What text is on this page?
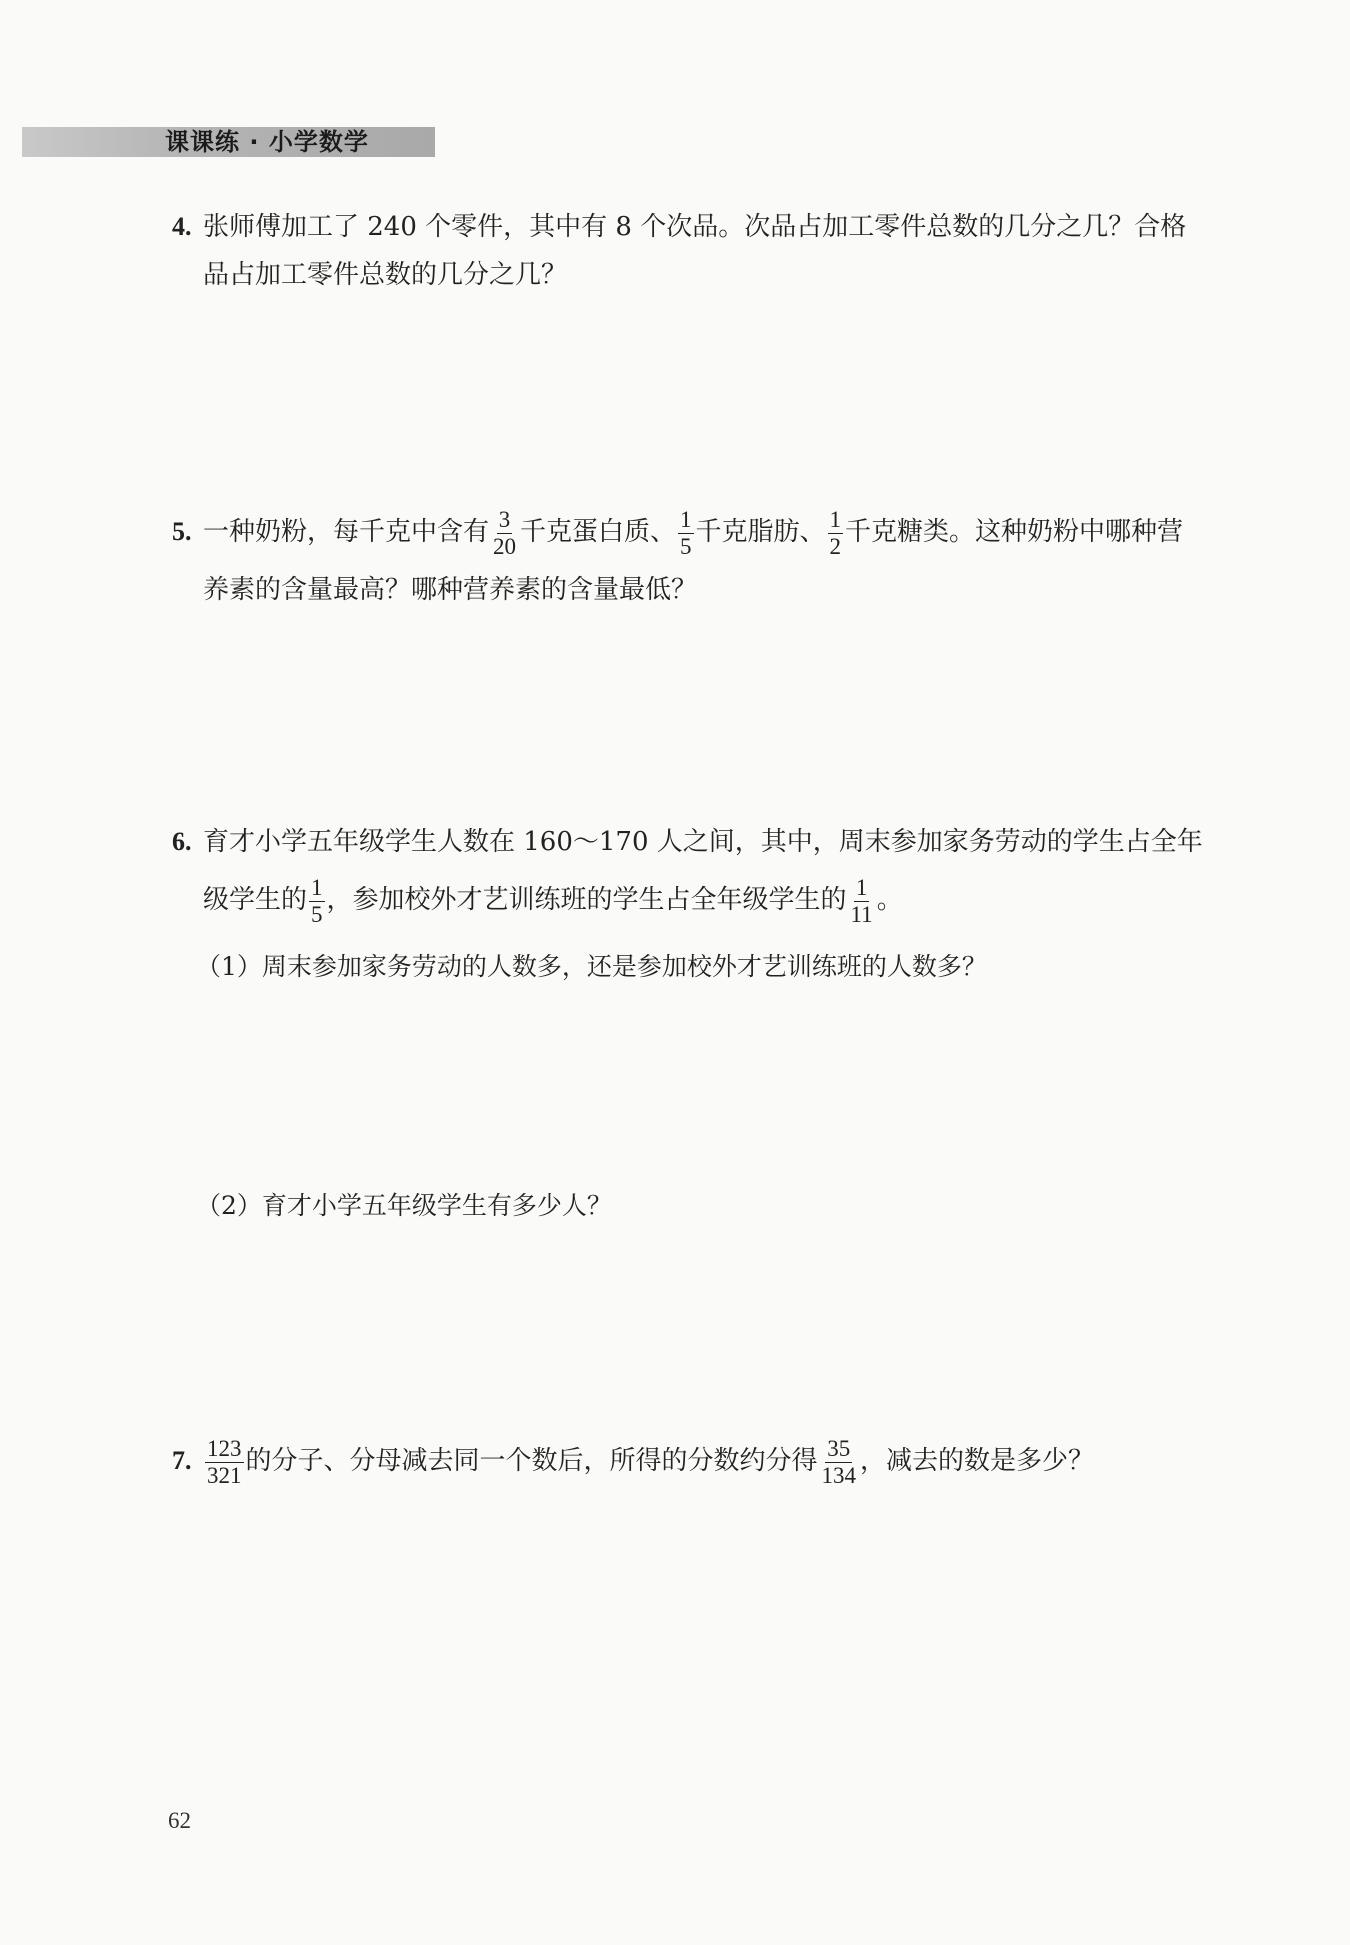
课课练 · 小学数学
4. 张师傅加工了 240 个零件，其中有 8 个次品。次品占加工零件总数的几分之几？合格
品占加工零件总数的几分之几？
5. 一种奶粉，每千克中含有 $\frac{3}{20}$ 千克蛋白质、 $\frac{1}{5}$ 千克脂肪、 $\frac{1}{2}$ 千克糖类。这种奶粉中哪种营
养素的含量最高？哪种营养素的含量最低？
6. 育才小学五年级学生人数在 160～170 人之间，其中，周末参加家务劳动的学生占全年
级学生的 $\frac{1}{5}$ ，参加校外才艺训练班的学生占全年级学生的 $\frac{1}{11}$ 。
（1）周末参加家务劳动的人数多，还是参加校外才艺训练班的人数多？
（2）育才小学五年级学生有多少人？
7. $\frac{123}{321}$ 的分子、分母减去同一个数后，所得的分数约分得 $\frac{35}{134}$ ，减去的数是多少？
62
